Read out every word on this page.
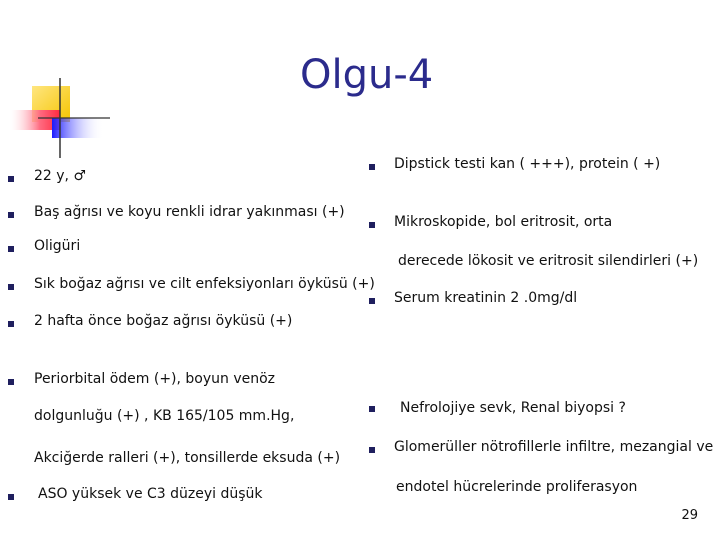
Olgu-4
22 y, ♂
Baş ağrısı ve koyu renkli idrar yakınması (+)
Oligüri
Sık boğaz ağrısı ve cilt enfeksiyonları öyküsü (+)
2 hafta önce boğaz ağrısı öyküsü (+)
Periorbital ödem (+), boyun venöz
dolgunluğu (+) , KB 165/105 mm.Hg,
Akciğerde ralleri (+), tonsillerde eksuda (+)
ASO yüksek ve C3 düzeyi düşük
Dipstick testi kan ( +++), protein ( +)
Mikroskopide, bol eritrosit, orta
derecede lökosit ve eritrosit silendirleri (+)
Serum kreatinin 2 .0mg/dl
Nefrolojiye sevk, Renal biyopsi ?
Glomerüller nötrofillerle infiltre, mezangial ve
endotel hücrelerinde proliferasyon
29
